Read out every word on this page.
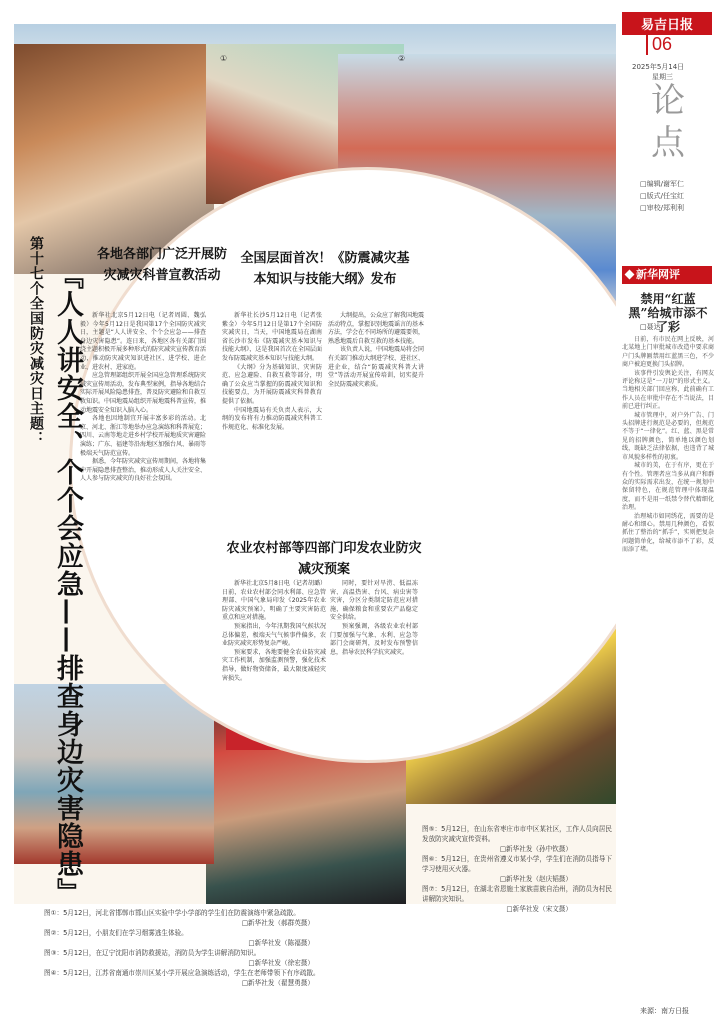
易吉日报
06
2025年5月14日
星期三
论点
□编辑/谢军仁
□版式/任宝红
□审校/郑利利
新华网评
禁用“红蓝黑”给城市添不了彩
□聂达

日前，有市民在网上反映，河北某地上门审批城市改造中要求商户门头牌匾禁用红蓝黑三色，不少商户被迫更换门头招牌。

该事件引发舆论关注，有网友评论称这是“一刀切”的形式主义。当地相关部门回应称，此前确有工作人员在审批中存在不当说法，目前已进行纠正。

城市管理中，对户外广告、门头招牌进行规范是必要的，但规范不等于“一律化”。红、蓝、黑是常见的招牌颜色，简单地以颜色划线，既缺乏法律依据，也违背了城市风貌多样性的初衷。

城市的美，在于有序，更在于有个性。管理者应当多从商户和群众的实际需求出发，在统一规划中保留特色，在规范管理中体现温度，而不是用一纸禁令替代精细化治理。

治理城市如同绣花，需要的是耐心和细心。禁用几种颜色，看似抓住了整治的“抓手”，实则把复杂问题简单化，给城市添不了彩，反而添了堵。

来源：南方日报
①	②
第十七个全国防灾减灾日主题： 『人人讲安全、个个会应急——排查身边灾害隐患』
各地各部门广泛开展防灾减灾科普宣教活动

新华社北京5月12日电（记者周圆、魏弘毅）今年5月12日是我国第17个全国防灾减灾日，主题是“人人讲安全、个个会应急——排查身边灾害隐患”。连日来，各地区各有关部门围绕主题积极开展多种形式的防灾减灾宣传教育活动，推动防灾减灾知识进社区、进学校、进企业、进农村、进家庭。

应急管理部组织开展全国应急管理系统防灾减灾宣传周活动，发布典型案例，指导各地结合实际开展风险隐患排查，普及防灾避险和自救互救知识。中国地震局组织开展地震科普宣传，推动地震安全知识入脑入心。

各地也因地制宜开展丰富多彩的活动。北京、河北、浙江等地举办应急演练和科普展览；四川、云南等地走进乡村学校开展地质灾害避险演练；广东、福建等沿海地区加强台风、暴雨等极端天气防范宣传。

据悉，今年防灾减灾宣传周期间，各地将集中开展隐患排查整治，推动形成人人关注安全、人人参与防灾减灾的良好社会氛围。

全国层面首次！《防震减灾基本知识与技能大纲》发布

新华社长沙5月12日电（记者张紫金）今年5月12日是第17个全国防灾减灾日，当天，中国地震局在湖南省长沙市发布《防震减灾基本知识与技能大纲》，这是我国首次在全国层面发布防震减灾基本知识与技能大纲。

《大纲》分为基础知识、灾害防范、应急避险、自救互救等部分，明确了公众应当掌握的防震减灾知识和技能要点，为开展防震减灾科普教育提供了依据。

中国地震局有关负责人表示，大纲的发布将有力推动防震减灾科普工作规范化、标准化发展。

大纲提出，公众应了解我国地震活动特点，掌握识别地震谣言的基本方法，学会在不同场所的避震要领，熟悉地震后自救互救的基本技能。

该负责人说，中国地震局将会同有关部门推动大纲进学校、进社区、进企业，结合“防震减灾科普大讲堂”等活动开展宣传培训，切实提升全民防震减灾素质。

农业农村部等四部门印发农业防灾减灾预案

新华社北京5月8日电（记者胡璐）日前，农业农村部会同水利部、应急管理部、中国气象局印发《2025年农业防灾减灾预案》，明确了主要灾害防范重点和应对措施。

预案指出，今年汛期我国气候状况总体偏差，极端天气气候事件偏多，农业防灾减灾形势复杂严峻。

预案要求，各地要健全农业防灾减灾工作机制，加强监测预警，强化技术指导，做好物资储备，最大限度减轻灾害损失。

同时，要针对旱涝、低温冻害、高温热害、台风、病虫害等灾害，分区分类制定防范应对措施，确保粮食和重要农产品稳定安全供给。

预案强调，各级农业农村部门要加强与气象、水利、应急等部门会商研判，及时发布预警信息，指导农民科学抗灾减灾。

图①：5月12日，河北省邯郸市邯山区实验中学小学部的学生们在防震演练中紧急疏散。
□新华社发（郝群英摄）
图②：5月12日，小朋友们在学习烟雾逃生体验。
□新华社发（陈福摄）
图③：5月12日，在辽宁沈阳市消防救援站，消防员为学生讲解消防知识。
□新华社发（徐宏摄）
图④：5月12日，江苏省南通市崇川区某小学开展应急演练活动，学生在老师带领下有序疏散。
□新华社发（翟慧勇摄）
图⑤：5月12日，在山东省枣庄市市中区某社区，工作人员向居民发放防灾减灾宣传资料。
□新华社发（孙中钦摄）
图⑥：5月12日，在贵州省遵义市某小学，学生们在消防员指导下学习使用灭火器。
□新华社发（赵庆韬摄）
图⑦：5月12日，在湖北省恩施土家族苗族自治州，消防员为村民讲解防灾知识。
□新华社发（宋文摄）
